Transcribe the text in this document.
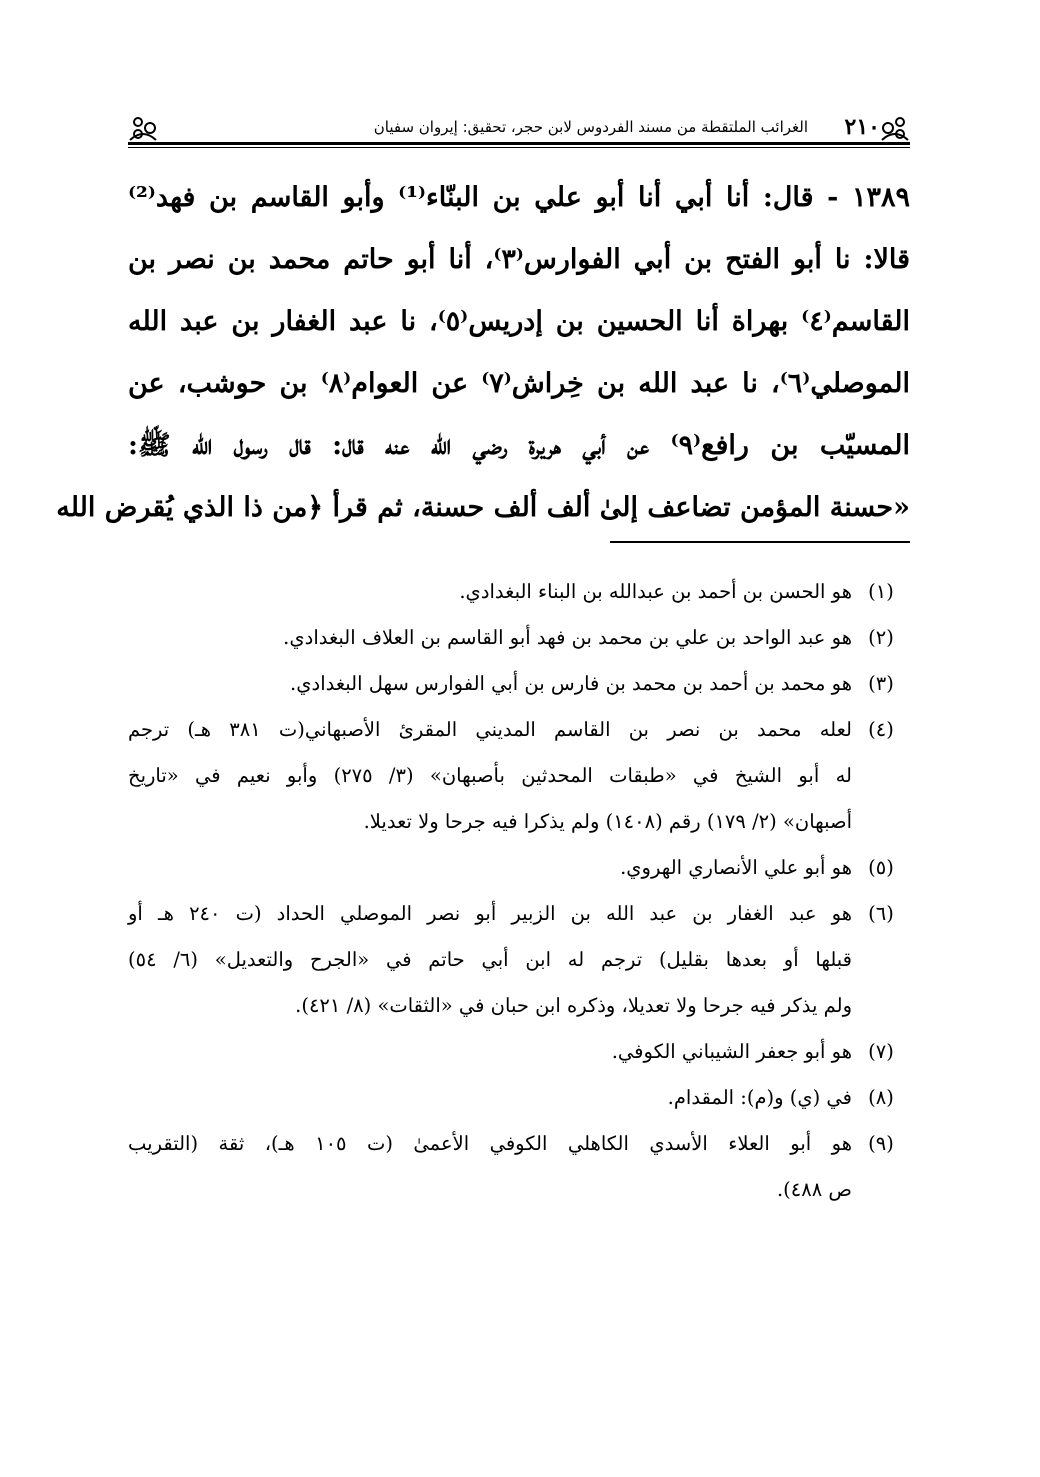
٢١٠
الغرائب الملتقطة من مسند الفردوس لابن حجر، تحقيق: إيروان سفيان
١٣٨٩ - قال: أنا أبي أنا أبو علي بن البنّاء⁽¹⁾ وأبو القاسم بن فهد⁽²⁾
قالا: نا أبو الفتح بن أبي الفوارس⁽٣⁾، أنا أبو حاتم محمد بن نصر بن
القاسم⁽٤⁾ بهراة أنا الحسين بن إدريس⁽٥⁾، نا عبد الغفار بن عبد الله
الموصلي⁽٦⁾، نا عبد الله بن خِراش⁽٧⁾ عن العوام⁽٨⁾ بن حوشب، عن
المسيّب بن رافع⁽٩⁾ عن أبي هريرة رضي الله عنه قال: قال رسول الله ﷺ:
«حسنة المؤمن تضاعف إلىٰ ألف ألف حسنة، ثم قرأ ﴿من ذا الذي يُقرض الله
(١)
هو الحسن بن أحمد بن عبدالله بن البناء البغدادي.
(٢)
هو عبد الواحد بن علي بن محمد بن فهد أبو القاسم بن العلاف البغدادي.
(٣)
هو محمد بن أحمد بن محمد بن فارس بن أبي الفوارس سهل البغدادي.
(٤)
لعله محمد بن نصر بن القاسم المديني المقرئ الأصبهاني(ت ٣٨١ هـ) ترجم
له أبو الشيخ في «طبقات المحدثين بأصبهان» (٣/ ٢٧٥) وأبو نعيم في «تاريخ
أصبهان» (٢/ ١٧٩) رقم (١٤٠٨) ولم يذكرا فيه جرحا ولا تعديلا.
(٥)
هو أبو علي الأنصاري الهروي.
(٦)
هو عبد الغفار بن عبد الله بن الزبير أبو نصر الموصلي الحداد (ت ٢٤٠ هـ أو
قبلها أو بعدها بقليل) ترجم له ابن أبي حاتم في «الجرح والتعديل» (٦/ ٥٤)
ولم يذكر فيه جرحا ولا تعديلا، وذكره ابن حبان في «الثقات» (٨/ ٤٢١).
(٧)
هو أبو جعفر الشيباني الكوفي.
(٨)
في (ي) و(م): المقدام.
(٩)
هو أبو العلاء الأسدي الكاهلي الكوفي الأعمىٰ (ت ١٠٥ هـ)، ثقة (التقريب
ص ٤٨٨).
